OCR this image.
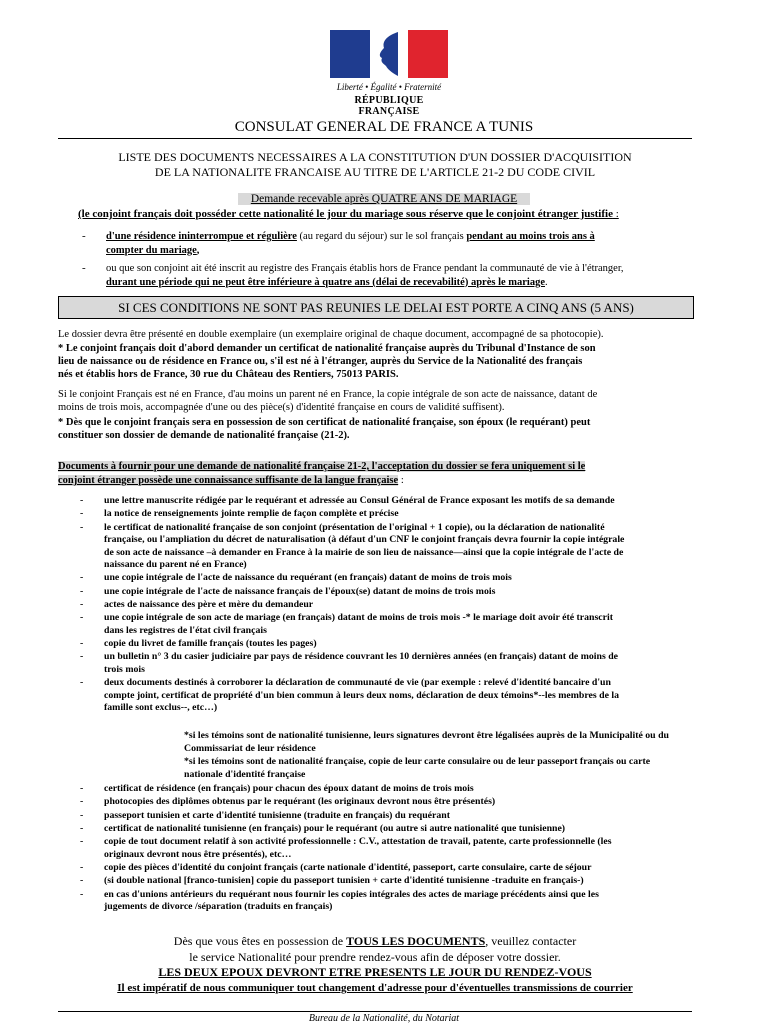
Liberté • Égalité • Fraternité
RÉPUBLIQUE FRANÇAISE
CONSULAT GENERAL DE FRANCE A TUNIS
LISTE DES DOCUMENTS NECESSAIRES A LA CONSTITUTION D'UN DOSSIER D'ACQUISITION
DE LA NATIONALITE FRANCAISE AU TITRE DE L'ARTICLE 21-2 DU CODE CIVIL
Demande recevable après QUATRE ANS DE MARIAGE
(le conjoint français doit posséder cette nationalité le jour du mariage sous réserve que le conjoint étranger justifie :
- d'une résidence ininterrompue et régulière (au regard du séjour) sur le sol français pendant au moins trois ans à
compter du mariage,
- ou que son conjoint ait été inscrit au registre des Français établis hors de France pendant la communauté de vie à l'étranger,
durant une période qui ne peut être inférieure à quatre ans (délai de recevabilité) après le mariage.
SI CES CONDITIONS NE SONT PAS REUNIES LE DELAI EST PORTE A CINQ ANS (5 ANS)
Le dossier devra être présenté en double exemplaire (un exemplaire original de chaque document, accompagné de sa photocopie).
* Le conjoint français doit d'abord demander un certificat de nationalité française auprès du Tribunal d'Instance de son
lieu de naissance ou de résidence en France ou, s'il est né à l'étranger, auprès du Service de la Nationalité des français
nés et établis hors de France, 30 rue du Château des Rentiers, 75013 PARIS.
Si le conjoint Français est né en France, d'au moins un parent né en France, la copie intégrale de son acte de naissance, datant de
moins de trois mois, accompagnée d'une ou des pièce(s) d'identité française en cours de validité suffisent).
* Dès que le conjoint français sera en possession de son certificat de nationalité française, son époux (le requérant) peut
constituer son dossier de demande de nationalité française (21-2).
Documents à fournir pour une demande de nationalité française 21-2, l'acceptation du dossier se fera uniquement si le
conjoint étranger possède une connaissance suffisante de la langue française :
- une lettre manuscrite rédigée par le requérant et adressée au Consul Général de France exposant les motifs de sa demande
- la notice de renseignements jointe remplie de façon complète et précise
- le certificat de nationalité française de son conjoint (présentation de l'original + 1 copie), ou la déclaration de nationalité
française, ou l'ampliation du décret de naturalisation (à défaut d'un CNF le conjoint français devra fournir la copie intégrale
de son acte de naissance –à demander en France à la mairie de son lieu de naissance—ainsi que la copie intégrale de l'acte de
naissance du parent né en France)
- une copie intégrale de l'acte de naissance du requérant (en français) datant de moins de trois mois
- une copie intégrale de l'acte de naissance français de l'époux(se) datant de moins de trois mois
- actes de naissance des père et mère du demandeur
- une copie intégrale de son acte de mariage (en français) datant de moins de trois mois -* le mariage doit avoir été transcrit
dans les registres de l'état civil français
- copie du livret de famille français (toutes les pages)
- un bulletin n° 3 du casier judiciaire par pays de résidence couvrant les 10 dernières années (en français) datant de moins de
trois mois
- deux documents destinés à corroborer la déclaration de communauté de vie (par exemple : relevé d'identité bancaire d'un
compte joint, certificat de propriété d'un bien commun à leurs deux noms, déclaration de deux témoins*--les membres de la
famille sont exclus--, etc…)
*si les témoins sont de nationalité tunisienne, leurs signatures devront être légalisées auprès de la Municipalité ou du
Commissariat de leur résidence
*si les témoins sont de nationalité française, copie de leur carte consulaire ou de leur passeport français ou carte
nationale d'identité française
- certificat de résidence (en français) pour chacun des époux datant de moins de trois mois
- photocopies des diplômes obtenus par le requérant (les originaux devront nous être présentés)
- passeport tunisien et carte d'identité tunisienne (traduite en français) du requérant
- certificat de nationalité tunisienne (en français) pour le requérant (ou autre si autre nationalité que tunisienne)
- copie de tout document relatif à son activité professionnelle : C.V., attestation de travail, patente, carte professionnelle (les
originaux devront nous être présentés), etc…
- copie des pièces d'identité du conjoint français (carte nationale d'identité, passeport, carte consulaire, carte de séjour
- (si double national [franco-tunisien] copie du passeport tunisien + carte d'identité tunisienne -traduite en français-)
- en cas d'unions antérieurs du requérant nous fournir les copies intégrales des actes de mariage précédents ainsi que les
jugements de divorce /séparation (traduits en français)
Dès que vous êtes en possession de TOUS LES DOCUMENTS, veuillez contacter
le service Nationalité pour prendre rendez-vous afin de déposer votre dossier.
LES DEUX EPOUX DEVRONT ETRE PRESENTS LE JOUR DU RENDEZ-VOUS
Il est impératif de nous communiquer tout changement d'adresse pour d'éventuelles transmissions de courrier
Bureau de la Nationalité, du Notariat
